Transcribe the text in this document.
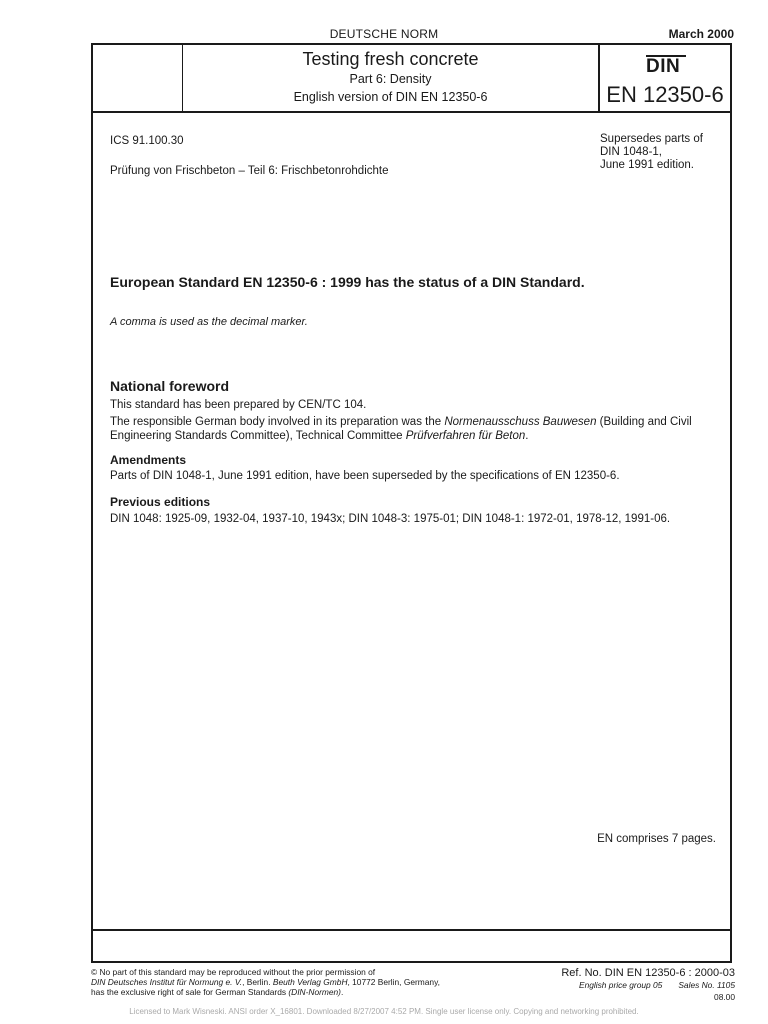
DEUTSCHE NORM	March 2000
Testing fresh concrete
Part 6: Density
English version of DIN EN 12350-6
DIN
EN 12350-6
ICS 91.100.30
Prüfung von Frischbeton – Teil 6: Frischbetonrohdichte
Supersedes parts of
DIN 1048-1,
June 1991 edition.
European Standard EN 12350-6 : 1999 has the status of a DIN Standard.
A comma is used as the decimal marker.
National foreword
This standard has been prepared by CEN/TC 104.
The responsible German body involved in its preparation was the Normenausschuss Bauwesen (Building and Civil Engineering Standards Committee), Technical Committee Prüfverfahren für Beton.
Amendments
Parts of DIN 1048-1, June 1991 edition, have been superseded by the specifications of EN 12350-6.
Previous editions
DIN 1048: 1925-09, 1932-04, 1937-10, 1943x; DIN 1048-3: 1975-01; DIN 1048-1: 1972-01, 1978-12, 1991-06.
EN comprises 7 pages.
© No part of this standard may be reproduced without the prior permission of
DIN Deutsches Institut für Normung e. V., Berlin. Beuth Verlag GmbH, 10772 Berlin, Germany,
has the exclusive right of sale for German Standards (DIN-Normen).
Ref. No. DIN EN 12350-6 : 2000-03
English price group 05 Sales No. 1105
08.00
Licensed to Mark Wisneski. ANSI order X_16801. Downloaded 8/27/2007 4:52 PM. Single user license only. Copying and networking prohibited.
